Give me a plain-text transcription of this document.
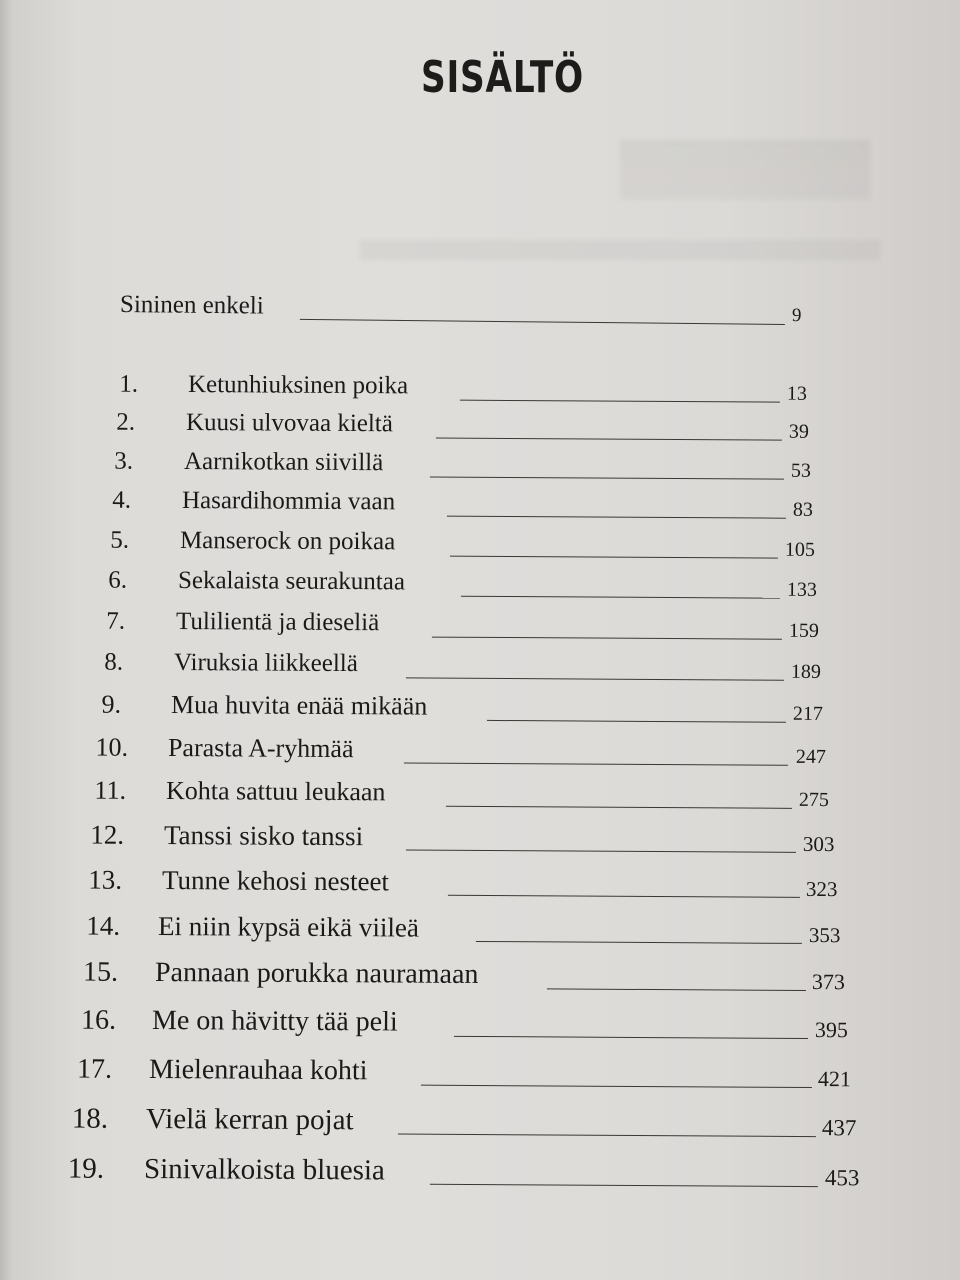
SISÄLTÖ
Sininen enkeli	9
1. Ketunhiuksinen poika	13
2. Kuusi ulvovaa kieltä	39
3. Aarnikotkan siivillä	53
4. Hasardihommia vaan	83
5. Manserock on poikaa	105
6. Sekalaista seurakuntaa	133
7. Tulilientä ja dieseliä	159
8. Viruksia liikkeellä	189
9. Mua huvita enää mikään	217
10. Parasta A-ryhmää	247
11. Kohta sattuu leukaan	275
12. Tanssi sisko tanssi	303
13. Tunne kehosi nesteet	323
14. Ei niin kypsä eikä viileä	353
15. Pannaan porukka nauramaan	373
16. Me on hävitty tää peli	395
17. Mielenrauhaa kohti	421
18. Vielä kerran pojat	437
19. Sinivalkoista bluesia	453
